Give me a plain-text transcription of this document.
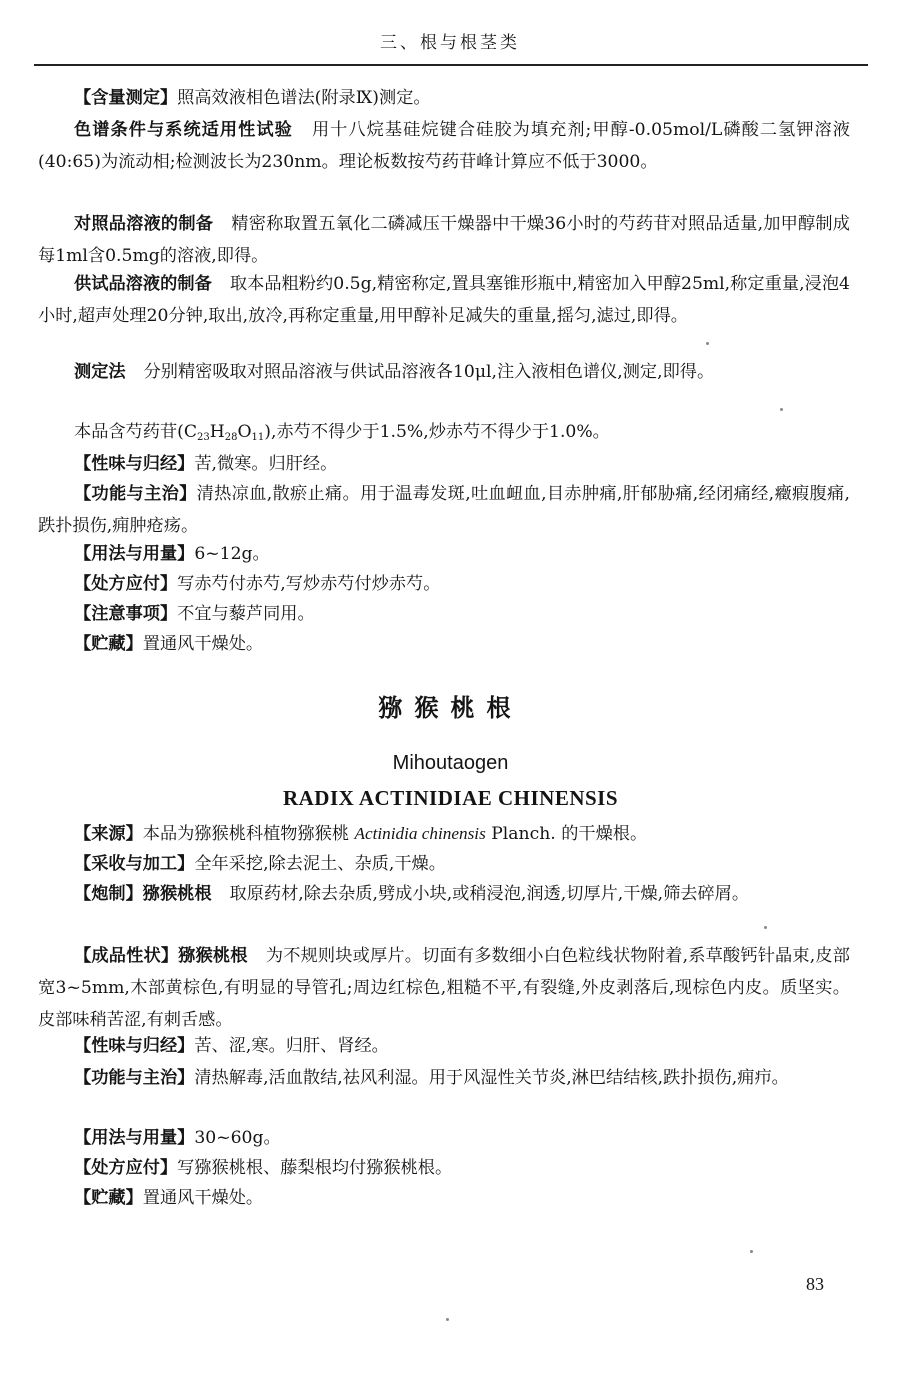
三、根与根茎类

【含量测定】照高效液相色谱法(附录Ⅸ)测定。

色谱条件与系统适用性试验 用十八烷基硅烷键合硅胶为填充剂;甲醇-0.05mol/L磷酸二氢钾溶液(40:65)为流动相;检测波长为230nm。理论板数按芍药苷峰计算应不低于3000。

对照品溶液的制备 精密称取置五氧化二磷减压干燥器中干燥36小时的芍药苷对照品适量,加甲醇制成每1ml含0.5mg的溶液,即得。

供试品溶液的制备 取本品粗粉约0.5g,精密称定,置具塞锥形瓶中,精密加入甲醇25ml,称定重量,浸泡4小时,超声处理20分钟,取出,放冷,再称定重量,用甲醇补足减失的重量,摇匀,滤过,即得。

测定法 分别精密吸取对照品溶液与供试品溶液各10μl,注入液相色谱仪,测定,即得。

本品含芍药苷$(C_{23}H_{28}O_{11})$,赤芍不得少于1.5%,炒赤芍不得少于1.0%。

【性味与归经】苦,微寒。归肝经。

【功能与主治】清热凉血,散瘀止痛。用于温毒发斑,吐血衄血,目赤肿痛,肝郁胁痛,经闭痛经,癥瘕腹痛,跌扑损伤,痈肿疮疡。

【用法与用量】6~12g。

【处方应付】写赤芍付赤芍,写炒赤芍付炒赤芍。

【注意事项】不宜与藜芦同用。

【贮藏】置通风干燥处。

猕猴桃根
Mihoutaogen
RADIX ACTINIDIAE CHINENSIS

【来源】本品为猕猴桃科植物猕猴桃 Actinidia chinensis Planch. 的干燥根。

【采收与加工】全年采挖,除去泥土、杂质,干燥。

【炮制】猕猴桃根 取原药材,除去杂质,劈成小块,或稍浸泡,润透,切厚片,干燥,筛去碎屑。

【成品性状】猕猴桃根 为不规则块或厚片。切面有多数细小白色粒线状物附着,系草酸钙针晶束,皮部宽3~5mm,木部黄棕色,有明显的导管孔;周边红棕色,粗糙不平,有裂缝,外皮剥落后,现棕色内皮。质坚实。皮部味稍苦涩,有刺舌感。

【性味与归经】苦、涩,寒。归肝、肾经。

【功能与主治】清热解毒,活血散结,祛风利湿。用于风湿性关节炎,淋巴结结核,跌扑损伤,痈疖。

【用法与用量】30~60g。

【处方应付】写猕猴桃根、藤梨根均付猕猴桃根。

【贮藏】置通风干燥处。

83
